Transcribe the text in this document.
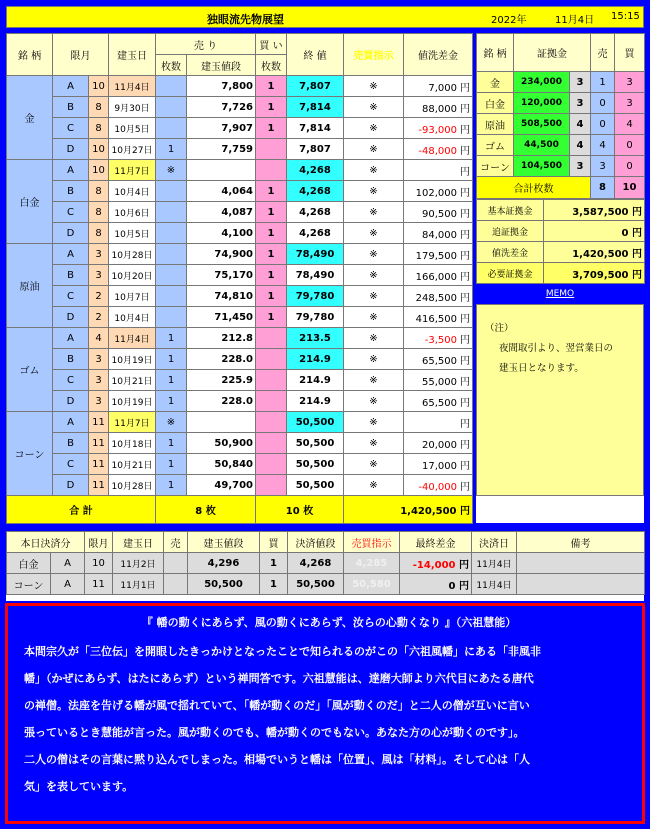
独眼流先物展望	2022年	11月4日 15:15
銘 柄	限月		建玉日	売 り		買 い	終 値	売買指示	値洗差金
				枚数	建玉値段	枚数			
金	A	10	11月4日		7,800	1	7,807	※	7,000 円
	B	8	9月30日		7,726	1	7,814	※	88,000 円
	C	8	10月5日		7,907	1	7,814	※	-93,000 円
	D	10	10月27日	1	7,759		7,807	※	-48,000 円
白金	A	10	11月7日	※			4,268	※	円
	B	8	10月4日		4,064	1	4,268	※	102,000 円
	C	8	10月6日		4,087	1	4,268	※	90,500 円
	D	8	10月5日		4,100	1	4,268	※	84,000 円
原油	A	3	10月28日		74,900	1	78,490	※	179,500 円
	B	3	10月20日		75,170	1	78,490	※	166,000 円
	C	2	10月7日		74,810	1	79,780	※	248,500 円
	D	2	10月4日		71,450	1	79,780	※	416,500 円
ゴム	A	4	11月4日	1	212.8		213.5	※	-3,500 円
	B	3	10月19日	1	228.0		214.9	※	65,500 円
	C	3	10月21日	1	225.9		214.9	※	55,000 円
	D	3	10月19日	1	228.0		214.9	※	65,500 円
コーン	A	11	11月7日	※			50,500	※	円
	B	11	10月18日	1	50,900		50,500	※	20,000 円
	C	11	10月21日	1	50,840		50,500	※	17,000 円
	D	11	10月28日	1	49,700		50,500	※	-40,000 円
合 計				8 枚		10 枚		1,420,500 円	
銘 柄	証拠金		売	買
金	234,000	3	1	3
白金	120,000	3	0	3
原油	508,500	4	0	4
ゴム	44,500	4	4	0
コーン	104,500	3	3	0
合計枚数			8	10
基本証拠金	3,587,500 円
追証拠金	0 円
値洗差金	1,420,500 円
必要証拠金	3,709,500 円
MEMO
（注）
夜間取引より、翌営業日の
建玉日となります。
本日決済分		限月	建玉日	売	建玉値段	買	決済値段	売買指示	最終差金	決済日	備考
白金	A	10	11月2日		4,296	1	4,268	4,285	-14,000 円	11月4日	
コーン	A	11	11月1日		50,500	1	50,500	50,580	0 円	11月4日	
『 幡の動くにあらず、風の動くにあらず、汝らの心動くなり 』（六祖慧能）
本間宗久が「三位伝」を開眼したきっかけとなったことで知られるのがこの「六祖風幡」にある「非風非
幡」（かぜにあらず、はたにあらず）という禅問答です。六祖慧能は、達磨大師より六代目にあたる唐代
の禅僧。法座を告げる幡が風で揺れていて、「幡が動くのだ」「風が動くのだ」と二人の僧が互いに言い
張っているとき慧能が言った。風が動くのでも、幡が動くのでもない。あなた方の心が動くのです」。
二人の僧はその言葉に黙り込んでしまった。相場でいうと幡は「位置」、風は「材料」。そして心は「人
気」を表しています。
